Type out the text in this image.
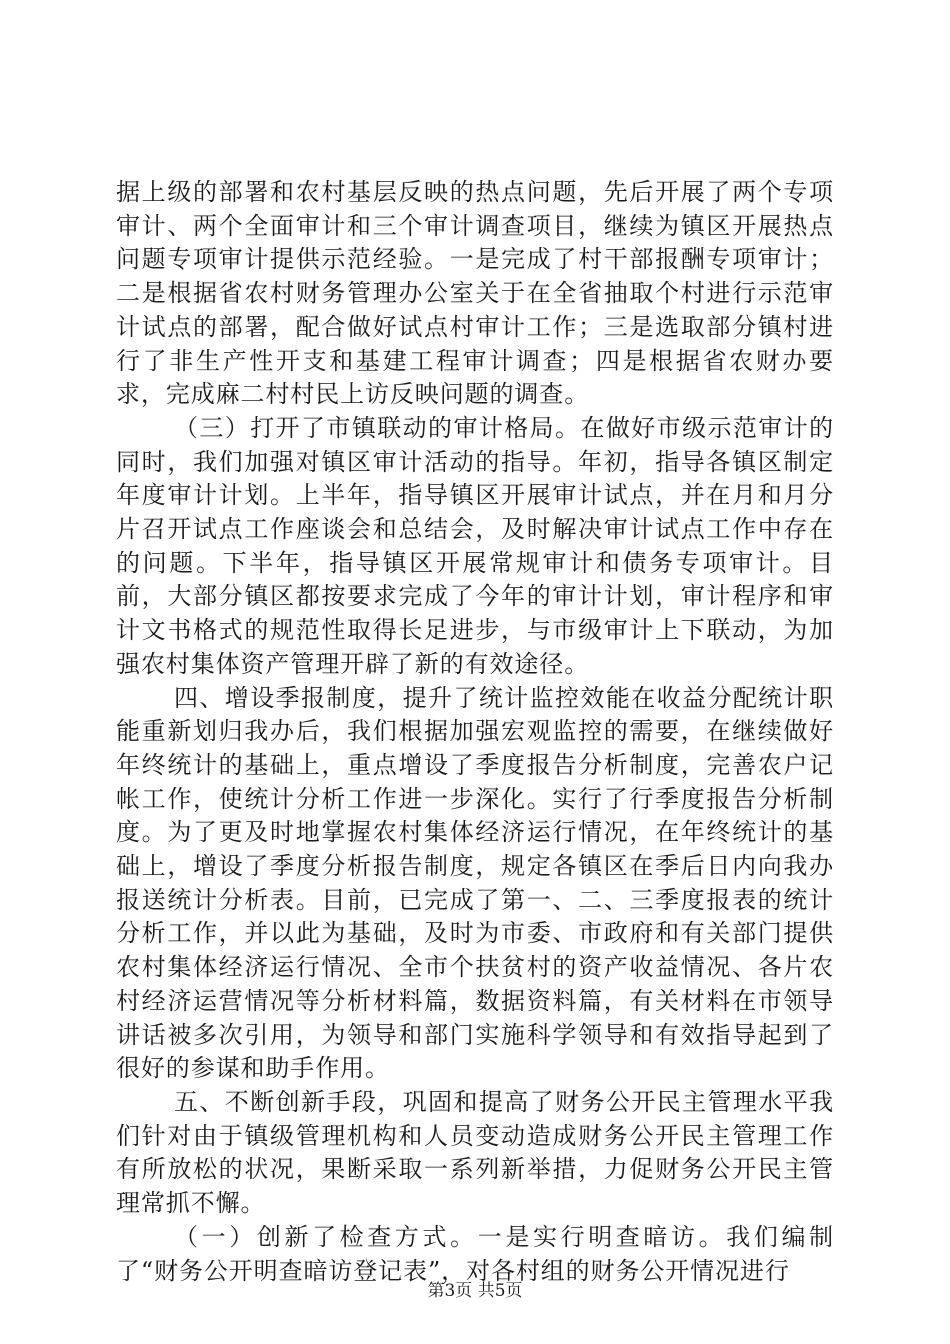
据上级的部署和农村基层反映的热点问题，先后开展了两个专项审计、两个全面审计和三个审计调查项目，继续为镇区开展热点问题专项审计提供示范经验。一是完成了村干部报酬专项审计；二是根据省农村财务管理办公室关于在全省抽取个村进行示范审计试点的部署，配合做好试点村审计工作；三是选取部分镇村进行了非生产性开支和基建工程审计调查；四是根据省农财办要求，完成麻二村村民上访反映问题的调查。

（三）打开了市镇联动的审计格局。在做好市级示范审计的同时，我们加强对镇区审计活动的指导。年初，指导各镇区制定年度审计计划。上半年，指导镇区开展审计试点，并在月和月分片召开试点工作座谈会和总结会，及时解决审计试点工作中存在的问题。下半年，指导镇区开展常规审计和债务专项审计。目前，大部分镇区都按要求完成了今年的审计计划，审计程序和审计文书格式的规范性取得长足进步，与市级审计上下联动，为加强农村集体资产管理开辟了新的有效途径。

四、增设季报制度，提升了统计监控效能在收益分配统计职能重新划归我办后，我们根据加强宏观监控的需要，在继续做好年终统计的基础上，重点增设了季度报告分析制度，完善农户记帐工作，使统计分析工作进一步深化。实行了行季度报告分析制度。为了更及时地掌握农村集体经济运行情况，在年终统计的基础上，增设了季度分析报告制度，规定各镇区在季后日内向我办报送统计分析表。目前，已完成了第一、二、三季度报表的统计分析工作，并以此为基础，及时为市委、市政府和有关部门提供农村集体经济运行情况、全市个扶贫村的资产收益情况、各片农村经济运营情况等分析材料篇，数据资料篇，有关材料在市领导讲话被多次引用，为领导和部门实施科学领导和有效指导起到了很好的参谋和助手作用。

五、不断创新手段，巩固和提高了财务公开民主管理水平我们针对由于镇级管理机构和人员变动造成财务公开民主管理工作有所放松的状况，果断采取一系列新举措，力促财务公开民主管理常抓不懈。

（一）创新了检查方式。一是实行明查暗访。我们编制了“财务公开明查暗访登记表”，对各村组的财务公开情况进行

第3页 共5页
